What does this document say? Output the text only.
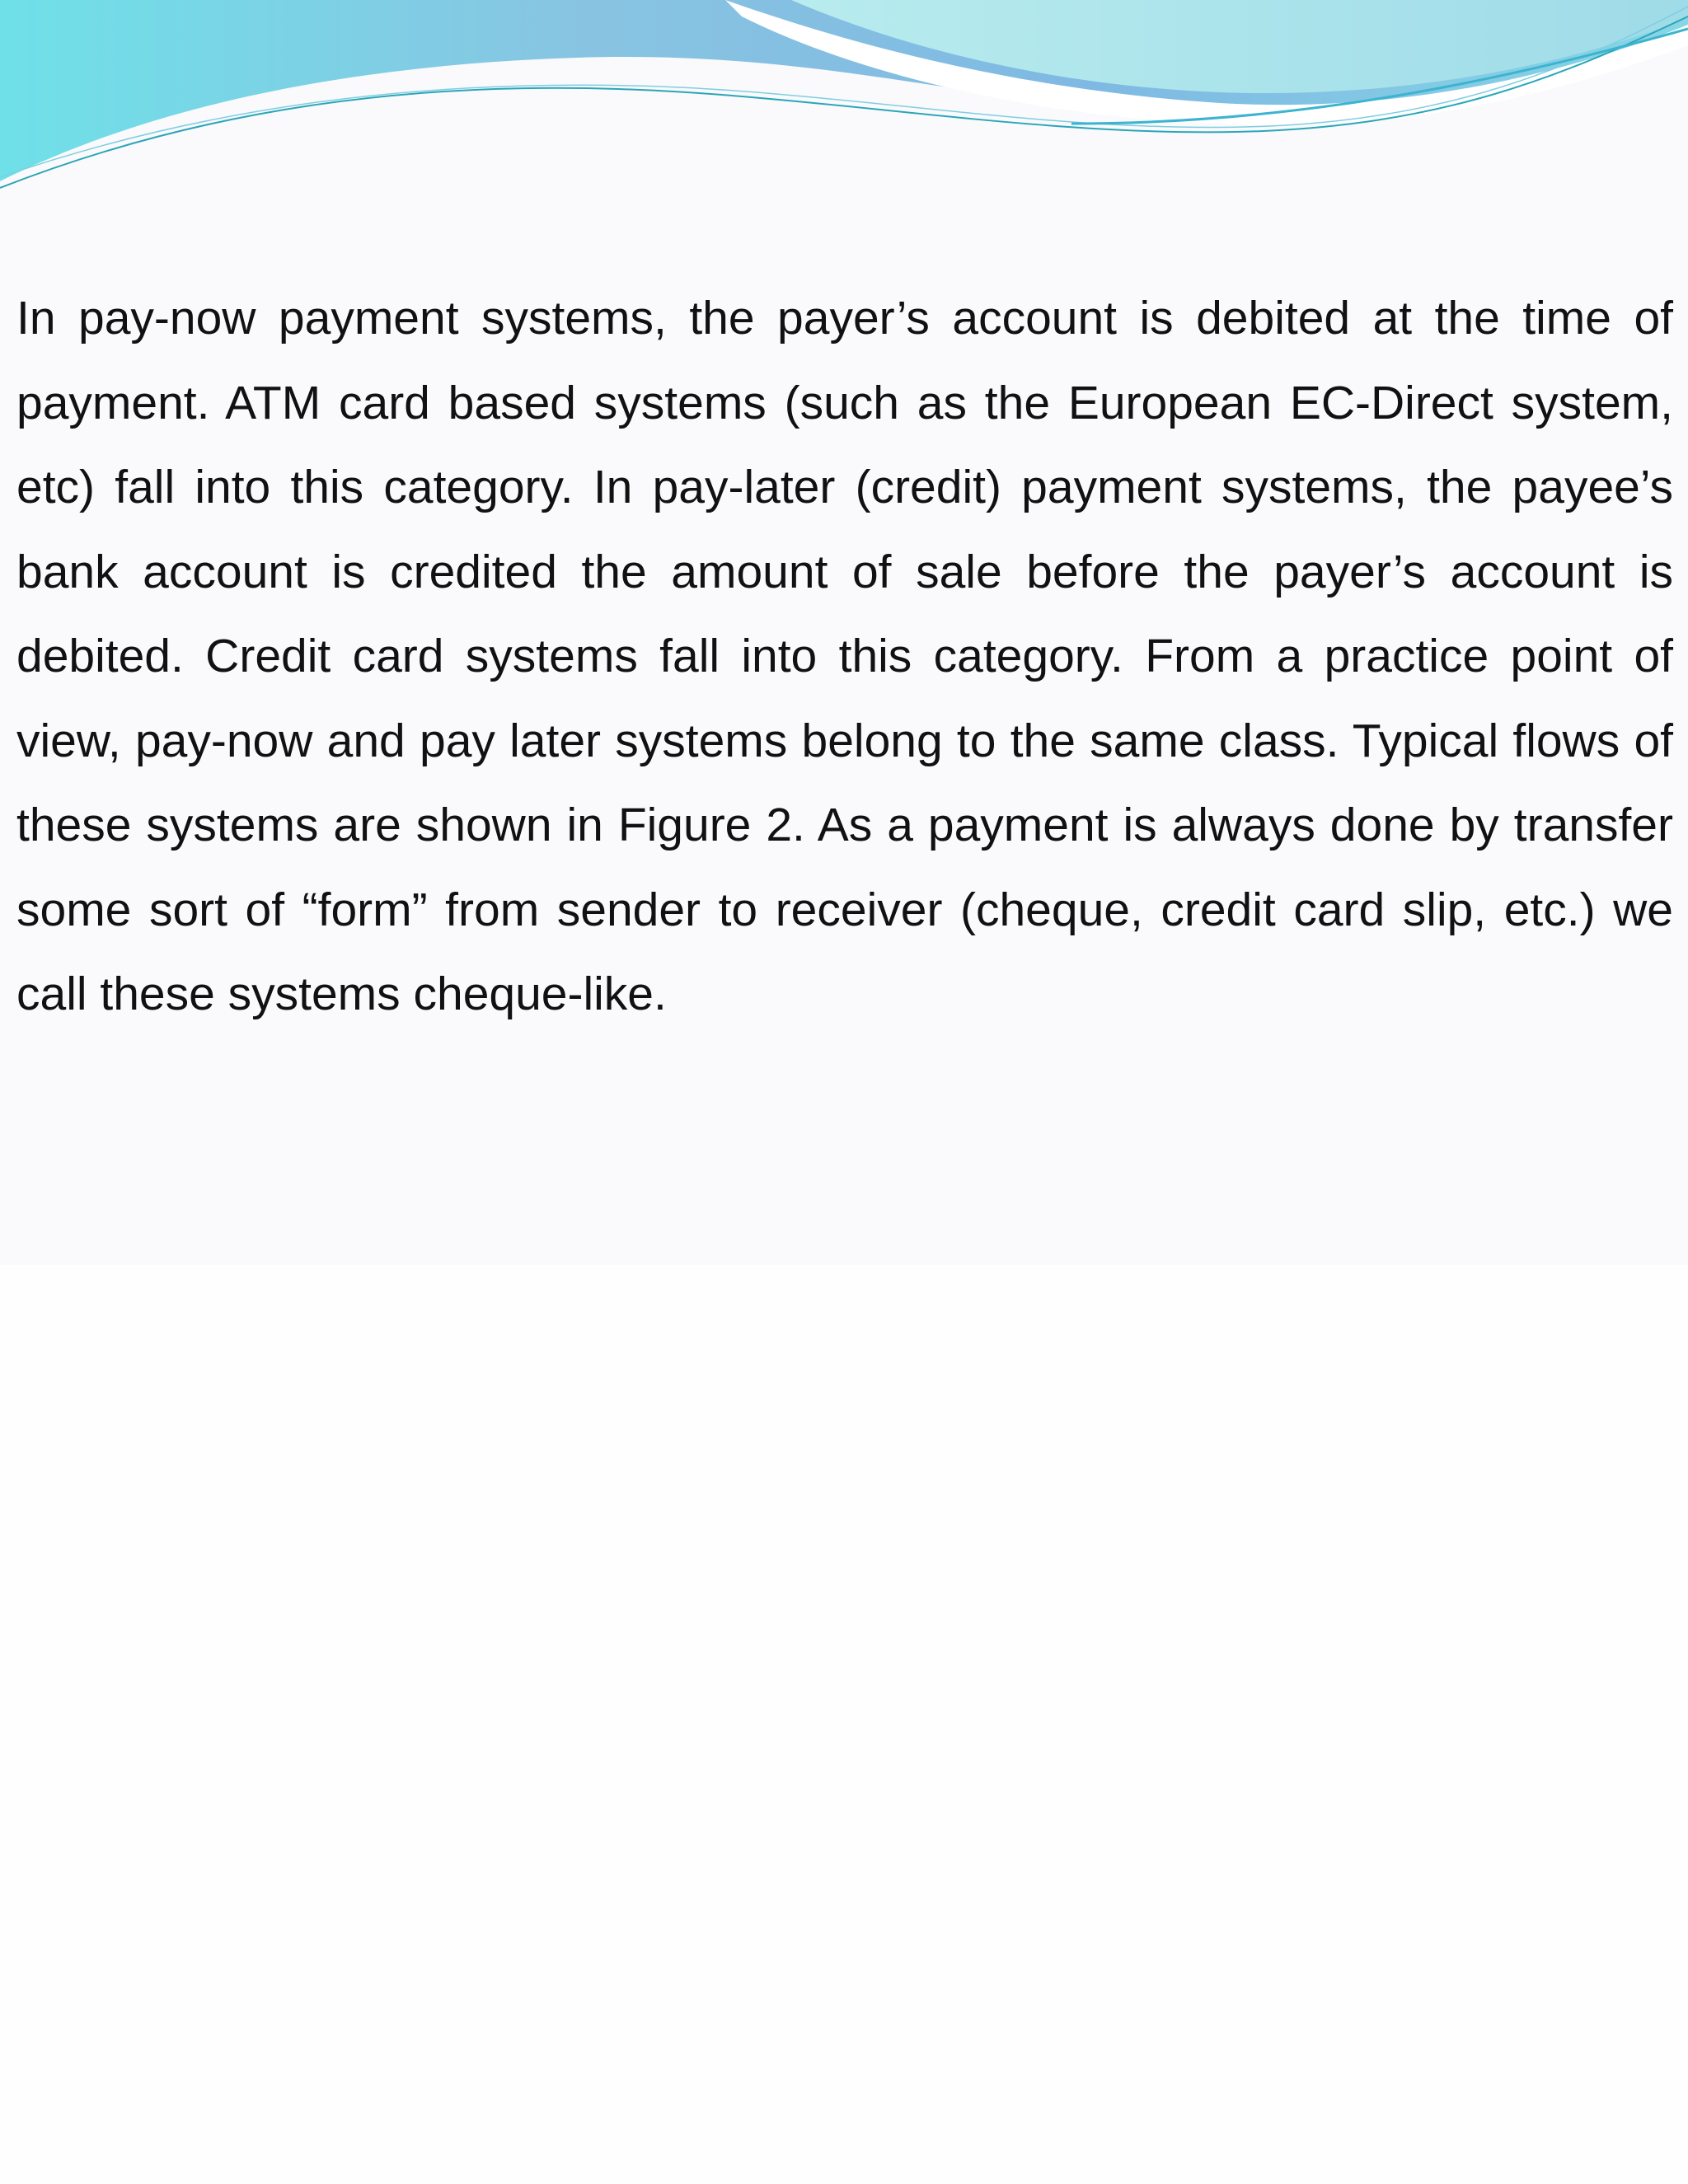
In pay-now payment systems, the payer’s account is debited at the time of payment. ATM card based systems (such as the European EC-Direct system, etc) fall into this category. In pay-later (credit) payment systems, the payee’s bank account is credited the amount of sale before the payer’s account is debited. Credit card systems fall into this category. From a practice point of view, pay-now and pay later systems belong to the same class. Typical flows of these systems are shown in Figure 2. As a payment is always done by transfer some sort of “form” from sender to receiver (cheque, credit card slip, etc.) we call these systems cheque-like.
